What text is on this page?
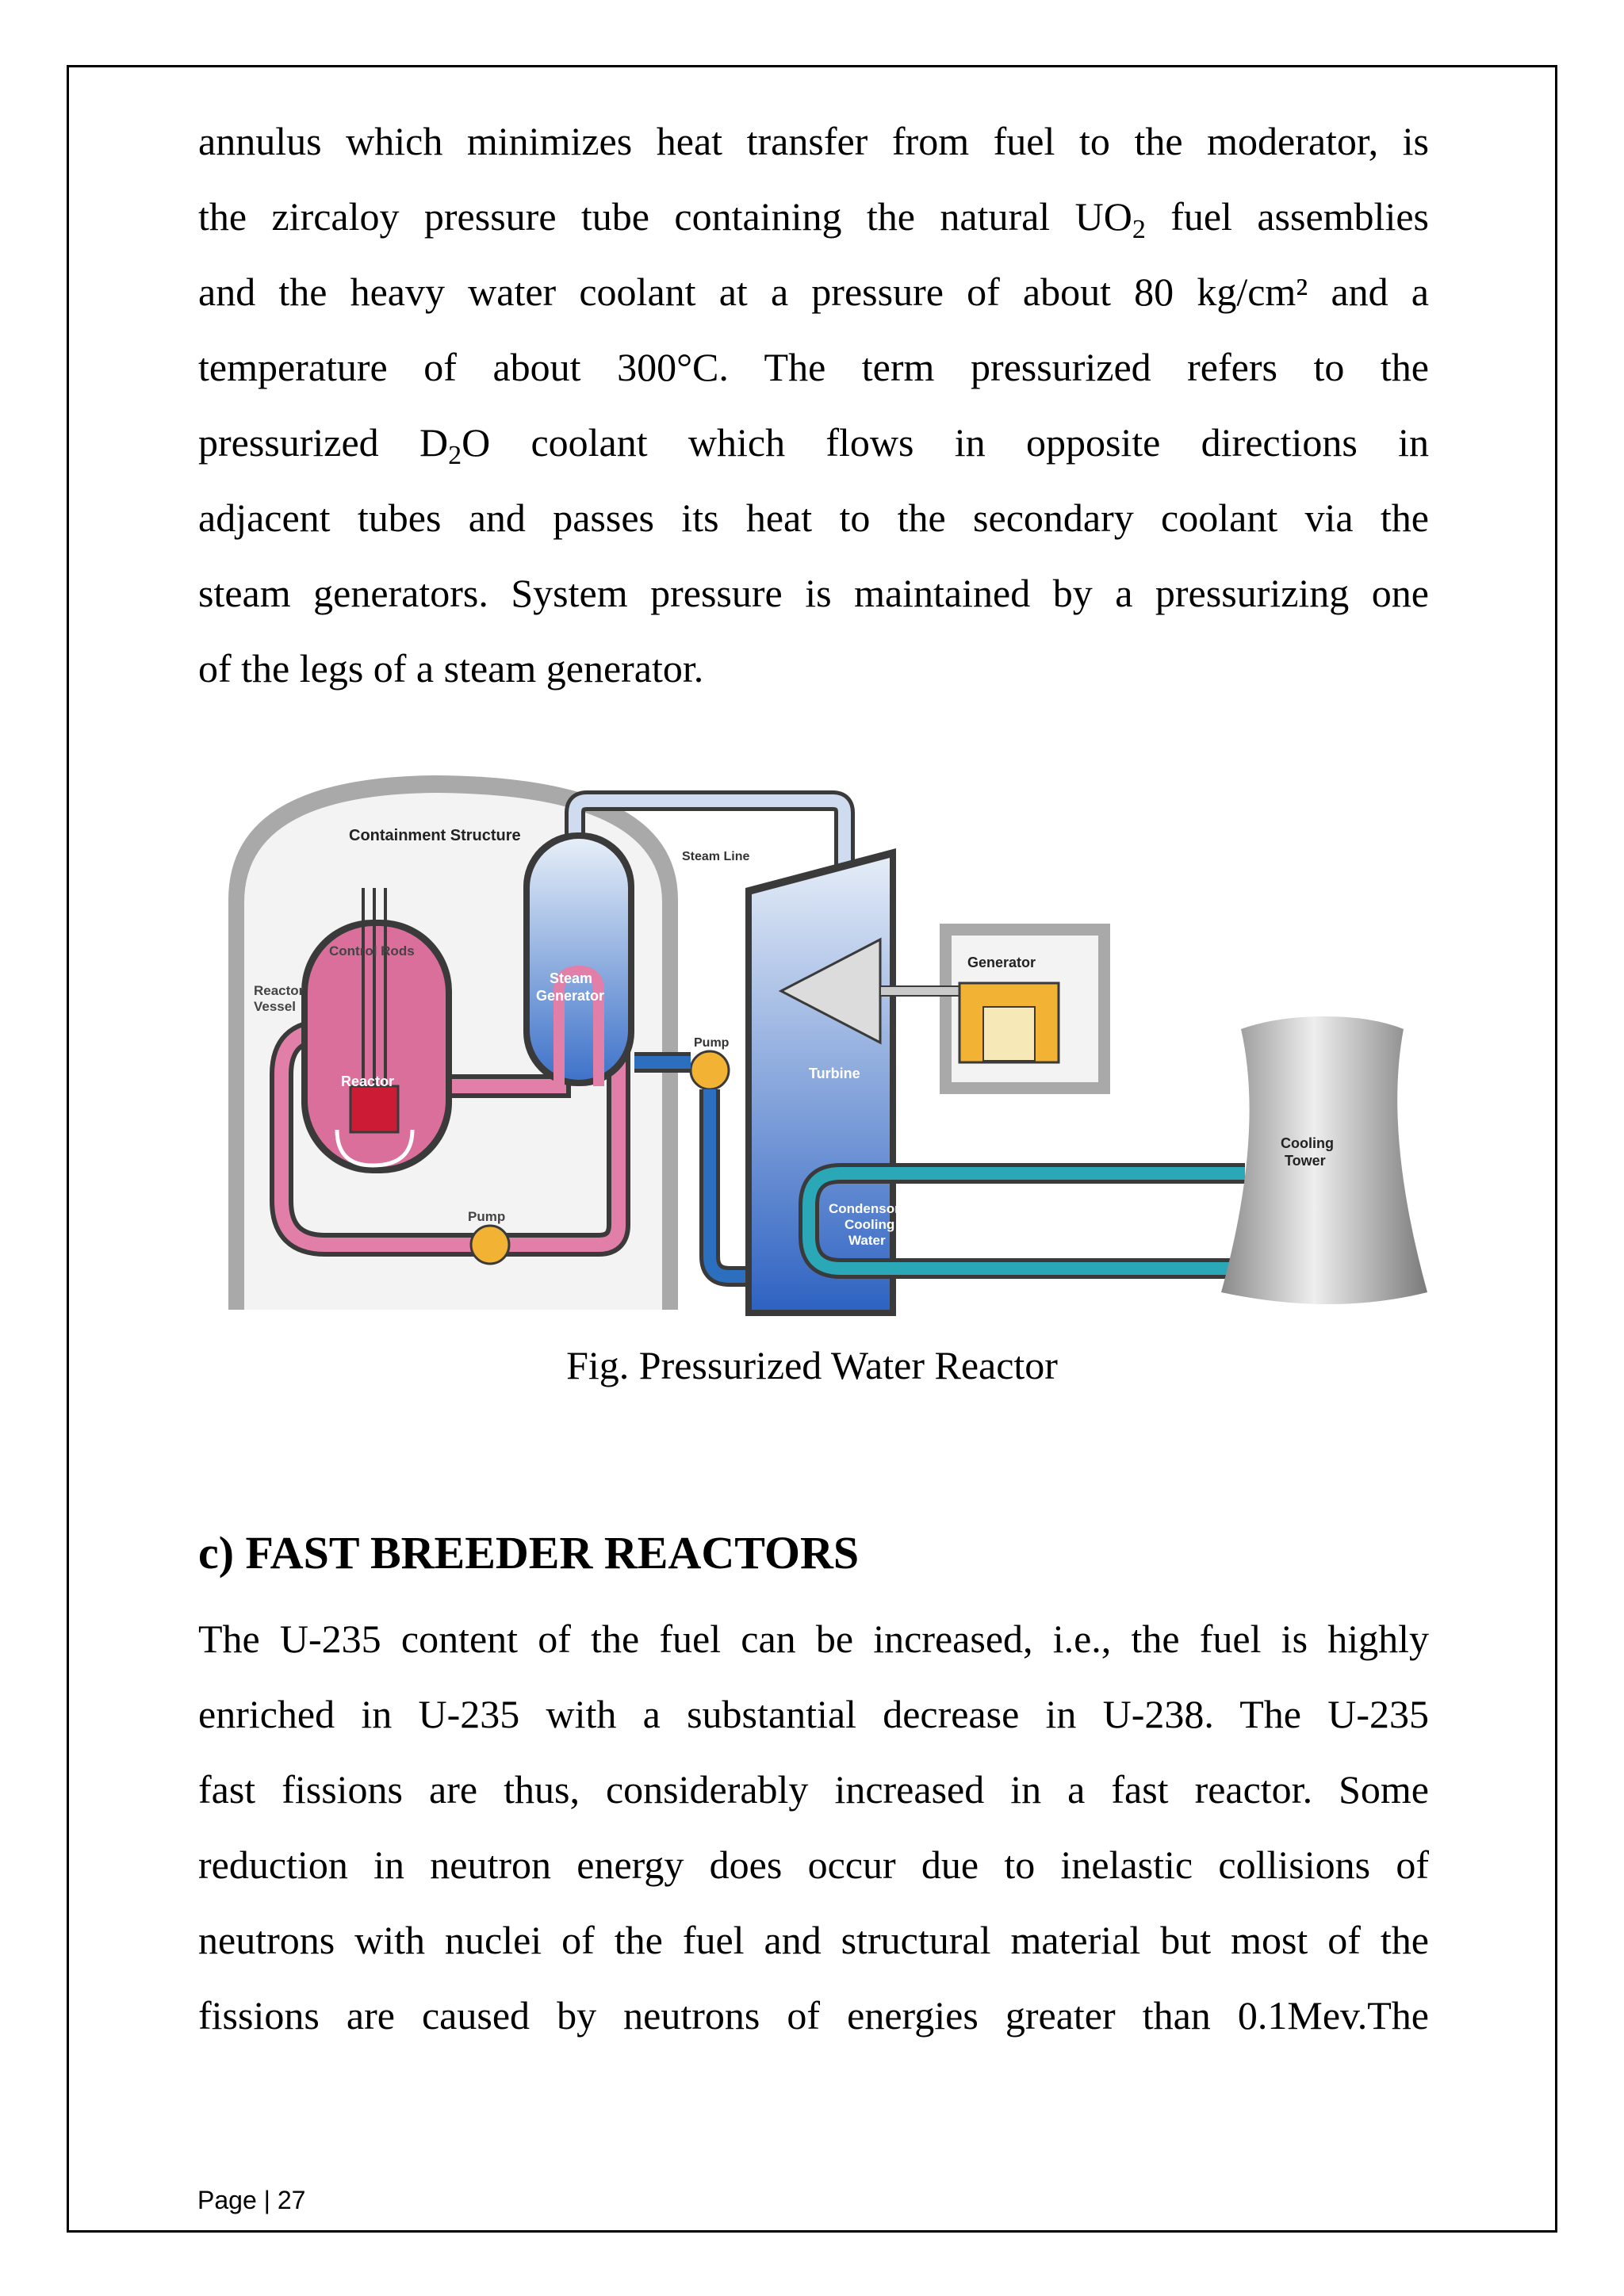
annulus which minimizes heat transfer from fuel to the moderator, is
the zircaloy pressure tube containing the natural $UO_2$ fuel assemblies
and the heavy water coolant at a pressure of about 80 kg/cm² and a
temperature of about 300°C. The term pressurized refers to the
pressurized $D_2O$ coolant which flows in opposite directions in
adjacent tubes and passes its heat to the secondary coolant via the
steam generators. System pressure is maintained by a pressurizing one
of the legs of a steam generator.
Containment Structure
Steam Line
Control Rods
Reactor
Vessel
Reactor
Steam
Generator
Pump
Pump
Generator
Turbine
Condensor
Cooling
Water
Cooling
Tower
Fig. Pressurized Water Reactor
c) FAST BREEDER REACTORS
The U-235 content of the fuel can be increased, i.e., the fuel is highly
enriched in U-235 with a substantial decrease in U-238. The U-235
fast fissions are thus, considerably increased in a fast reactor. Some
reduction in neutron energy does occur due to inelastic collisions of
neutrons with nuclei of the fuel and structural material but most of the
fissions are caused by neutrons of energies greater than 0.1Mev.The
Page | 27
